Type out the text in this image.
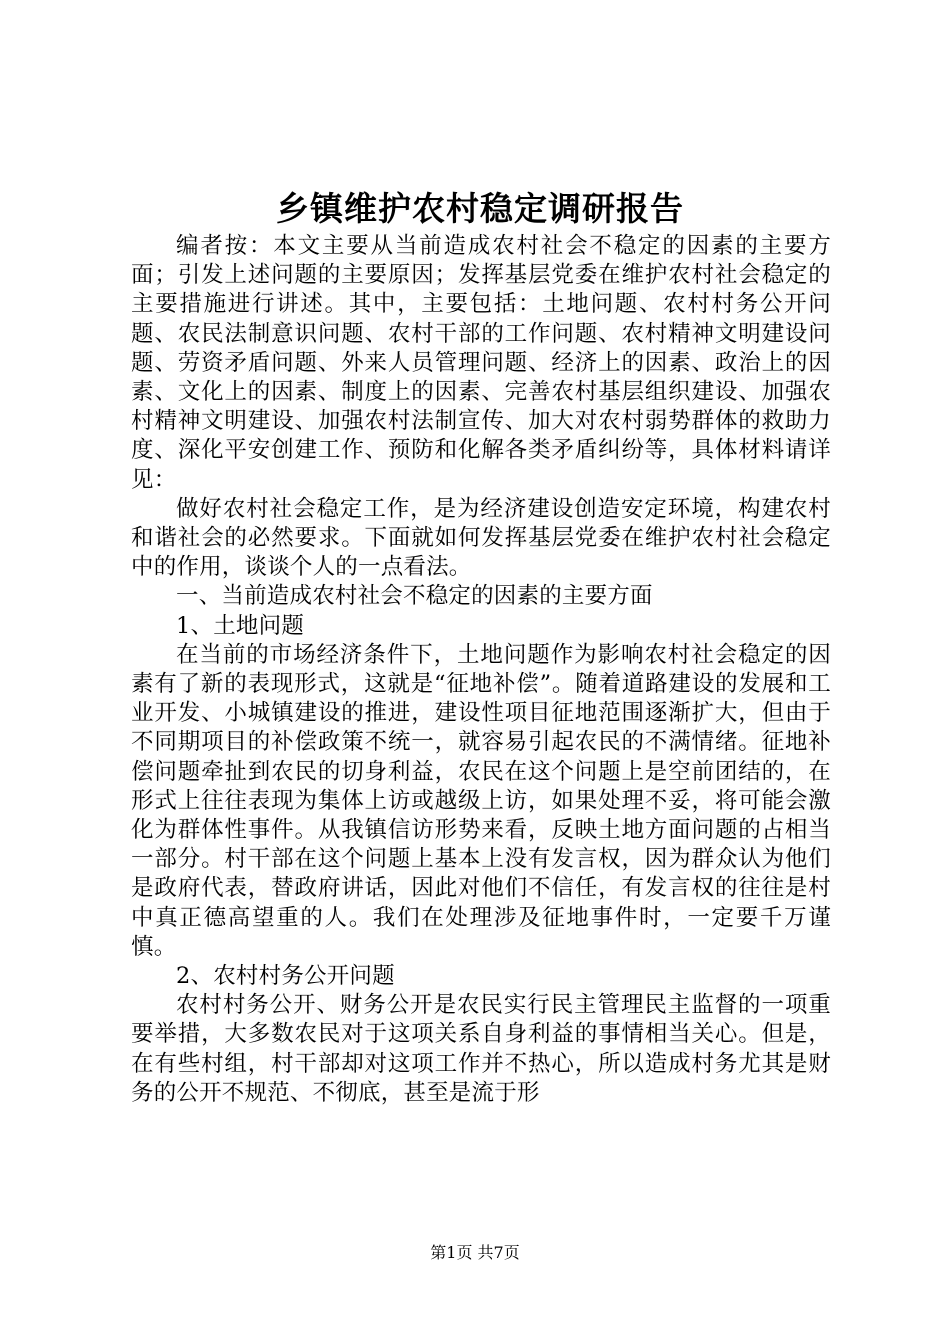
乡镇维护农村稳定调研报告

编者按：本文主要从当前造成农村社会不稳定的因素的主要方面；引发上述问题的主要原因；发挥基层党委在维护农村社会稳定的主要措施进行讲述。其中，主要包括：土地问题、农村村务公开问题、农民法制意识问题、农村干部的工作问题、农村精神文明建设问题、劳资矛盾问题、外来人员管理问题、经济上的因素、政治上的因素、文化上的因素、制度上的因素、完善农村基层组织建设、加强农村精神文明建设、加强农村法制宣传、加大对农村弱势群体的救助力度、深化平安创建工作、预防和化解各类矛盾纠纷等，具体材料请详见：

做好农村社会稳定工作，是为经济建设创造安定环境，构建农村和谐社会的必然要求。下面就如何发挥基层党委在维护农村社会稳定中的作用，谈谈个人的一点看法。

一、当前造成农村社会不稳定的因素的主要方面

1、土地问题

在当前的市场经济条件下，土地问题作为影响农村社会稳定的因素有了新的表现形式，这就是“征地补偿”。随着道路建设的发展和工业开发、小城镇建设的推进，建设性项目征地范围逐渐扩大，但由于不同期项目的补偿政策不统一，就容易引起农民的不满情绪。征地补偿问题牵扯到农民的切身利益，农民在这个问题上是空前团结的，在形式上往往表现为集体上访或越级上访，如果处理不妥，将可能会激化为群体性事件。从我镇信访形势来看，反映土地方面问题的占相当一部分。村干部在这个问题上基本上没有发言权，因为群众认为他们是政府代表，替政府讲话，因此对他们不信任，有发言权的往往是村中真正德高望重的人。我们在处理涉及征地事件时，一定要千万谨慎。

2、农村村务公开问题

农村村务公开、财务公开是农民实行民主管理民主监督的一项重要举措，大多数农民对于这项关系自身利益的事情相当关心。但是，在有些村组，村干部却对这项工作并不热心，所以造成村务尤其是财务的公开不规范、不彻底，甚至是流于形

第1页 共7页
